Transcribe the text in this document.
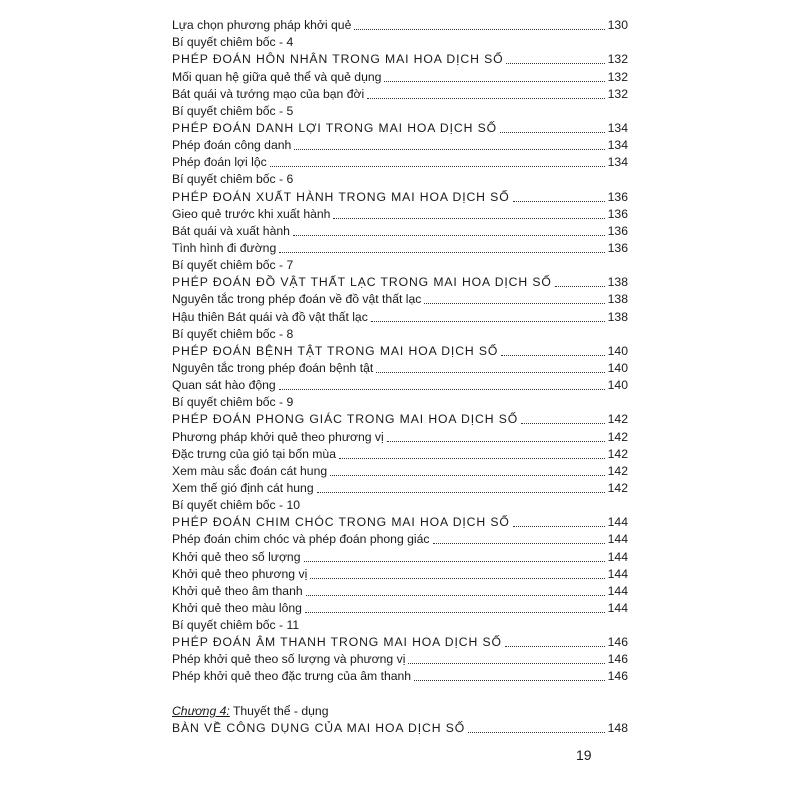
Lựa chọn phương pháp khởi quẻ	130
Bí quyết chiêm bốc - 4
PHÉP ĐOÁN HÔN NHÂN TRONG MAI HOA DỊCH SỐ	132
Mối quan hệ giữa quẻ thể và quẻ dụng	132
Bát quái và tướng mạo của bạn đời	132
Bí quyết chiêm bốc - 5
PHÉP ĐOÁN DANH LỢI TRONG MAI HOA DỊCH SỐ	134
Phép đoán công danh	134
Phép đoán lợi lộc	134
Bí quyết chiêm bốc - 6
PHÉP ĐOÁN XUẤT HÀNH TRONG MAI HOA DỊCH SỐ	136
Gieo quẻ trước khi xuất hành	136
Bát quái và xuất hành	136
Tình hình đi đường	136
Bí quyết chiêm bốc - 7
PHÉP ĐOÁN ĐỒ VẬT THẤT LẠC TRONG MAI HOA DỊCH SỐ	138
Nguyên tắc trong phép đoán về đồ vật thất lạc	138
Hậu thiên Bát quái và đồ vật thất lạc	138
Bí quyết chiêm bốc - 8
PHÉP ĐOÁN BỆNH TẬT TRONG MAI HOA DỊCH SỐ	140
Nguyên tắc trong phép đoán bệnh tật	140
Quan sát hào động	140
Bí quyết chiêm bốc - 9
PHÉP ĐOÁN PHONG GIÁC TRONG MAI HOA DỊCH SỐ	142
Phương pháp khởi quẻ theo phương vị	142
Đặc trưng của gió tại bốn mùa	142
Xem màu sắc đoán cát hung	142
Xem thế gió định cát hung	142
Bí quyết chiêm bốc - 10
PHÉP ĐOÁN CHIM CHÓC TRONG MAI HOA DỊCH SỐ	144
Phép đoán chim chóc và phép đoán phong giác	144
Khởi quẻ theo số lượng	144
Khởi quẻ theo phương vị	144
Khởi quẻ theo âm thanh	144
Khởi quẻ theo màu lông	144
Bí quyết chiêm bốc - 11
PHÉP ĐOÁN ÂM THANH TRONG MAI HOA DỊCH SỐ	146
Phép khởi quẻ theo số lượng và phương vị	146
Phép khởi quẻ theo đặc trưng của âm thanh	146
Chương 4: Thuyết thể - dụng
BÀN VỀ CÔNG DỤNG CỦA MAI HOA DỊCH SỐ	148
19
